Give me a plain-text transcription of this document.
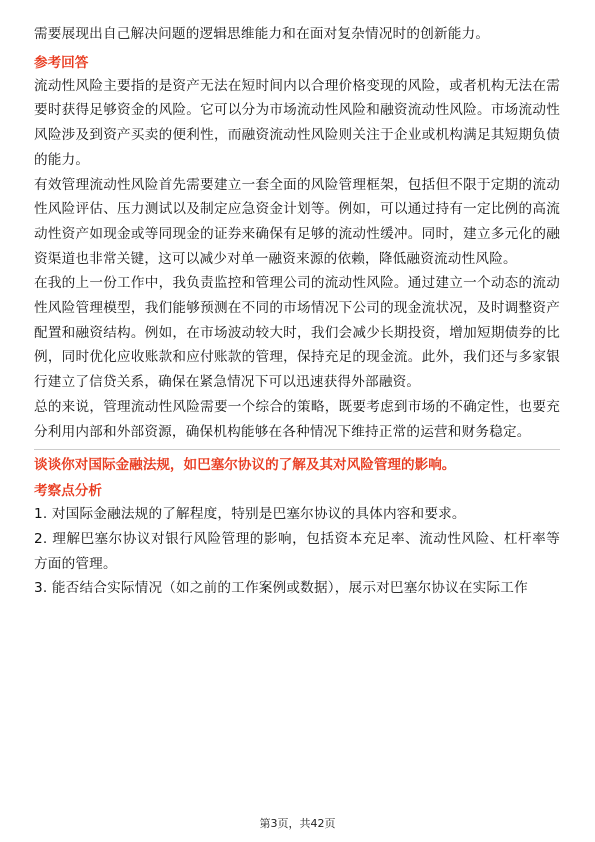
需要展现出自己解决问题的逻辑思维能力和在面对复杂情况时的创新能力。

参考回答

流动性风险主要指的是资产无法在短时间内以合理价格变现的风险，或者机构无法在需要时获得足够资金的风险。它可以分为市场流动性风险和融资流动性风险。市场流动性风险涉及到资产买卖的便利性，而融资流动性风险则关注于企业或机构满足其短期负债的能力。

有效管理流动性风险首先需要建立一套全面的风险管理框架，包括但不限于定期的流动性风险评估、压力测试以及制定应急资金计划等。例如，可以通过持有一定比例的高流动性资产如现金或等同现金的证券来确保有足够的流动性缓冲。同时，建立多元化的融资渠道也非常关键，这可以减少对单一融资来源的依赖，降低融资流动性风险。

在我的上一份工作中，我负责监控和管理公司的流动性风险。通过建立一个动态的流动性风险管理模型，我们能够预测在不同的市场情况下公司的现金流状况，及时调整资产配置和融资结构。例如，在市场波动较大时，我们会减少长期投资，增加短期债券的比例，同时优化应收账款和应付账款的管理，保持充足的现金流。此外，我们还与多家银行建立了信贷关系，确保在紧急情况下可以迅速获得外部融资。

总的来说，管理流动性风险需要一个综合的策略，既要考虑到市场的不确定性，也要充分利用内部和外部资源，确保机构能够在各种情况下维持正常的运营和财务稳定。

谈谈你对国际金融法规，如巴塞尔协议的了解及其对风险管理的影响。

考察点分析

1. 对国际金融法规的了解程度，特别是巴塞尔协议的具体内容和要求。

2. 理解巴塞尔协议对银行风险管理的影响，包括资本充足率、流动性风险、杠杆率等方面的管理。

3. 能否结合实际情况（如之前的工作案例或数据），展示对巴塞尔协议在实际工作

第3页，共42页
